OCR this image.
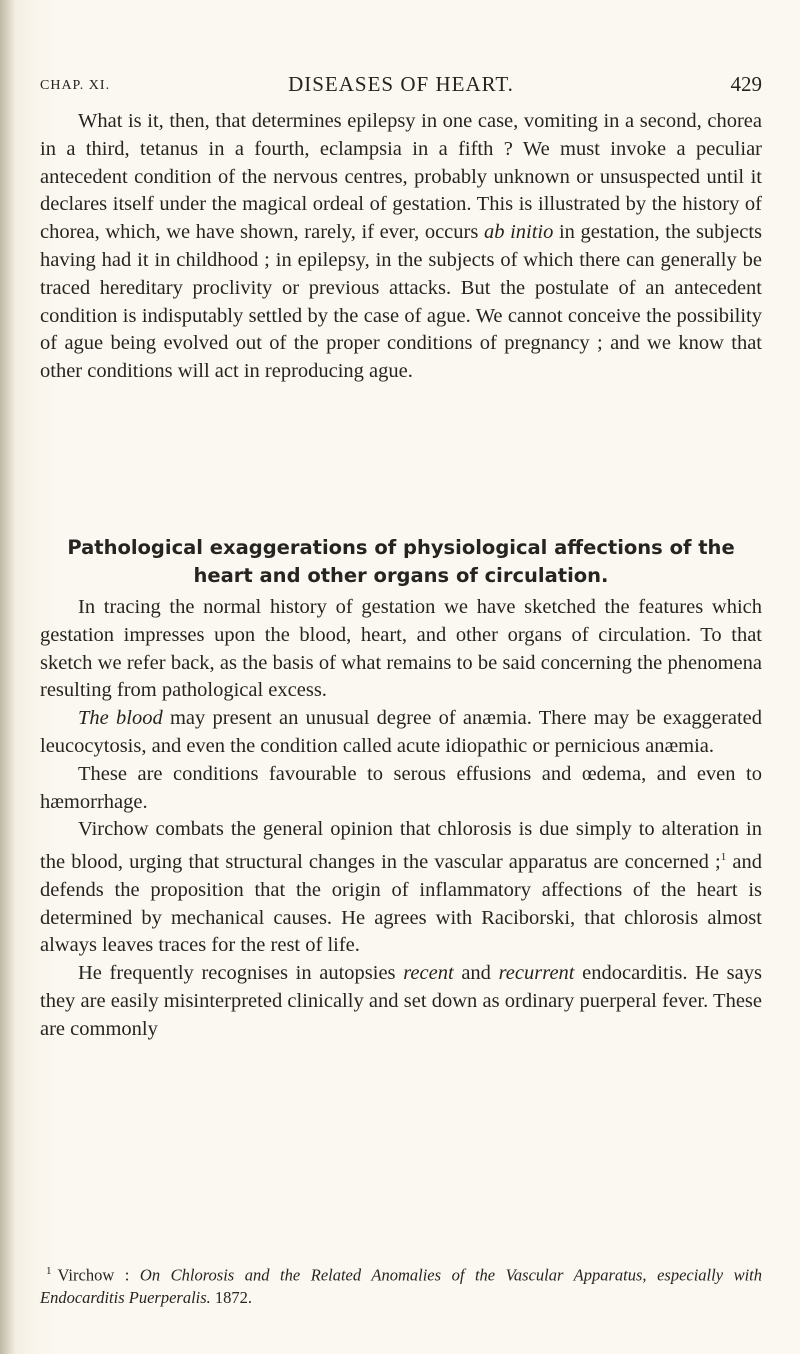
CHAP. XI.	DISEASES OF HEART.	429

What is it, then, that determines epilepsy in one case, vomiting in a second, chorea in a third, tetanus in a fourth, eclampsia in a fifth ? We must invoke a peculiar antecedent condition of the nervous centres, probably unknown or unsuspected until it declares itself under the magical ordeal of gestation. This is illustrated by the history of chorea, which, we have shown, rarely, if ever, occurs ab initio in gestation, the subjects having had it in childhood ; in epilepsy, in the subjects of which there can generally be traced hereditary proclivity or previous attacks. But the postulate of an antecedent condition is indisputably settled by the case of ague. We cannot conceive the possibility of ague being evolved out of the proper conditions of pregnancy ; and we know that other conditions will act in reproducing ague.

Pathological exaggerations of physiological affections of the heart and other organs of circulation.

In tracing the normal history of gestation we have sketched the features which gestation impresses upon the blood, heart, and other organs of circulation. To that sketch we refer back, as the basis of what remains to be said concerning the phenomena resulting from pathological excess.

The blood may present an unusual degree of anæmia. There may be exaggerated leucocytosis, and even the condition called acute idiopathic or pernicious anæmia.

These are conditions favourable to serous effusions and œdema, and even to hæmorrhage.

Virchow combats the general opinion that chlorosis is due simply to alteration in the blood, urging that structural changes in the vascular apparatus are concerned ;$^1$ and defends the proposition that the origin of inflammatory affections of the heart is determined by mechanical causes. He agrees with Raciborski, that chlorosis almost always leaves traces for the rest of life.

He frequently recognises in autopsies recent and recurrent endocarditis. He says they are easily misinterpreted clinically and set down as ordinary puerperal fever. These are commonly

$^1$ Virchow : On Chlorosis and the Related Anomalies of the Vascular Apparatus, especially with Endocarditis Puerperalis. 1872.
